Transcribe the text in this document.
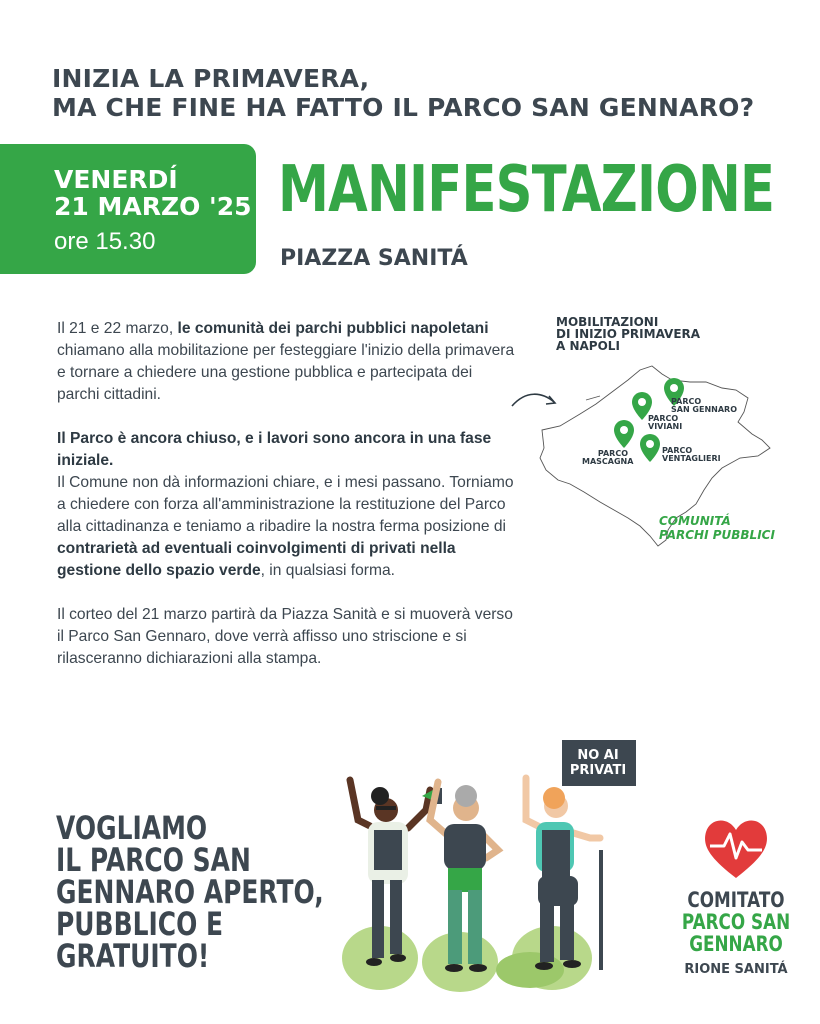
INIZIA LA PRIMAVERA,
MA CHE FINE HA FATTO IL PARCO SAN GENNARO?
VENERDÍ
21 MARZO '25
ore 15.30
MANIFESTAZIONE
PIAZZA SANITÁ

Il 21 e 22 marzo, le comunità dei parchi pubblici napoletani chiamano alla mobilitazione per festeggiare l'inizio della primavera e tornare a chiedere una gestione pubblica e partecipata dei parchi cittadini.

Il Parco è ancora chiuso, e i lavori sono ancora in una fase iniziale.
Il Comune non dà informazioni chiare, e i mesi passano. Torniamo a chiedere con forza all'amministrazione la restituzione del Parco alla cittadinanza e teniamo a ribadire la nostra ferma posizione di contrarietà ad eventuali coinvolgimenti di privati nella gestione dello spazio verde, in qualsiasi forma.

Il corteo del 21 marzo partirà da Piazza Sanità e si muoverà verso il Parco San Gennaro, dove verrà affisso uno striscione e si rilasceranno dichiarazioni alla stampa.

MOBILITAZIONI
DI INIZIO PRIMAVERA
A NAPOLI
PARCO
SAN GENNARO
PARCO
VIVIANI
PARCO
MASCAGNA
PARCO
VENTAGLIERI
COMUNITÁ
PARCHI PUBBLICI
VOGLIAMO
IL PARCO SAN
GENNARO APERTO,
PUBBLICO E
GRATUITO!
NO AI
PRIVATI
COMITATO
PARCO SAN
GENNARO
RIONE SANITÁ
